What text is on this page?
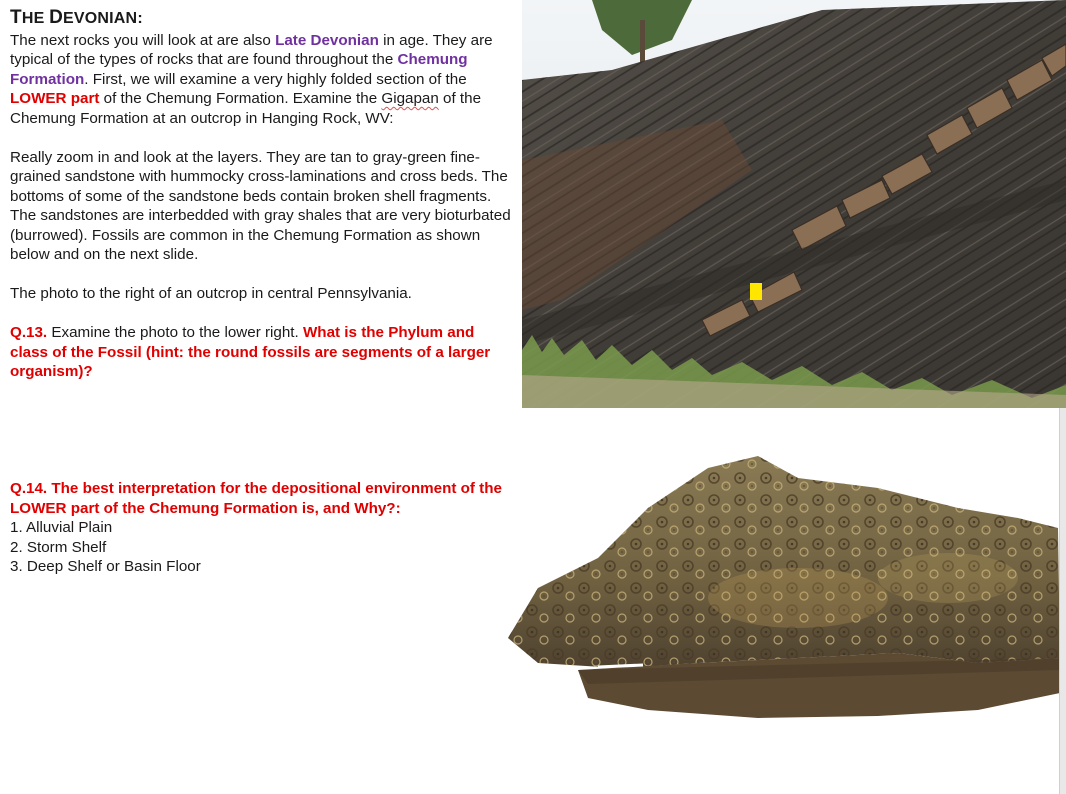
THE DEVONIAN:

The next rocks you will look at are also Late Devonian in age. They are typical of the types of rocks that are found throughout the Chemung Formation. First, we will examine a very highly folded section of the LOWER part of the Chemung Formation. Examine the Gigapan of the Chemung Formation at an outcrop in Hanging Rock, WV:

Really zoom in and look at the layers. They are tan to gray-green fine-grained sandstone with hummocky cross-laminations and cross beds. The bottoms of some of the sandstone beds contain broken shell fragments. The sandstones are interbedded with gray shales that are very bioturbated (burrowed). Fossils are common in the Chemung Formation as shown below and on the next slide.

The photo to the right of an outcrop in central Pennsylvania.

Q.13. Examine the photo to the lower right. What is the Phylum and class of the Fossil (hint: the round fossils are segments of a larger organism)?

Q.14. The best interpretation for the depositional environment of the LOWER part of the Chemung Formation is, and Why?:

1. Alluvial Plain
2. Storm Shelf
3. Deep Shelf or Basin Floor
